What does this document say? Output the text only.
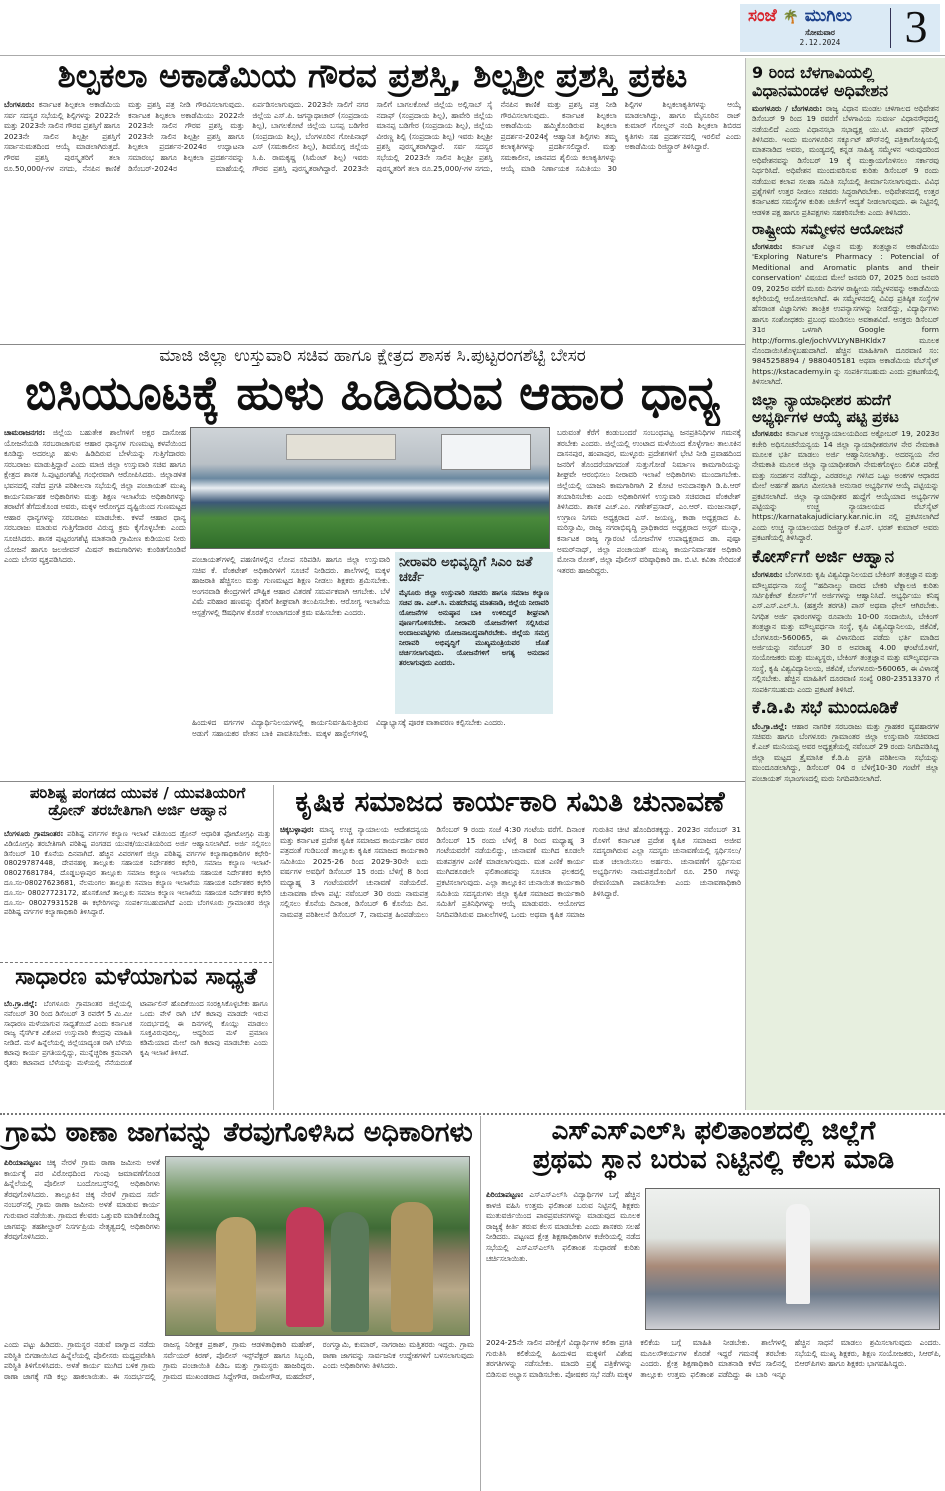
ಸಂಜೆ 🌴 ಮುಗಿಲು
ಸೋಮವಾರ
2.12.2024	3
ಶಿಲ್ಪಕಲಾ ಅಕಾಡೆಮಿಯ ಗೌರವ ಪ್ರಶಸ್ತಿ, ಶಿಲ್ಪಶ್ರೀ ಪ್ರಶಸ್ತಿ ಪ್ರಕಟ
ಬೆಂಗಳೂರು: ಕರ್ನಾಟಕ ಶಿಲ್ಪಕಲಾ ಅಕಾಡೆಮಿಯ ಸರ್ವ ಸದಸ್ಯರ ಸಭೆಯಲ್ಲಿ ಶಿಲ್ಪಿಗಳನ್ನು 2022ನೇ ಮತ್ತು 2023ನೇ ಸಾಲಿನ ಗೌರವ ಪ್ರಶಸ್ತಿಗೆ ಹಾಗೂ 2023ನೇ ಸಾಲಿನ ಶಿಲ್ಪಶ್ರೀ ಪ್ರಶಸ್ತಿಗೆ ಸರ್ವಾನುಮತದಿಂದ ಆಯ್ಕೆ ಮಾಡಲಾಗಿರುತ್ತದೆ. ಗೌರವ ಪ್ರಶಸ್ತಿ ಪುರಸ್ಕೃತರಿಗೆ ತಲಾ ರೂ.50,000/-ಗಳ ನಗದು, ನೆನಪಿನ ಕಾಣಿಕೆ ಮತ್ತು ಪ್ರಶಸ್ತಿ ಪತ್ರ ನೀಡಿ ಗೌರವಿಸಲಾಗುವುದು. ಕರ್ನಾಟಕ ಶಿಲ್ಪಕಲಾ ಅಕಾಡೆಮಿಯು 2022ನೇ 2023ನೇ ಸಾಲಿನ ಗೌರವ ಪ್ರಶಸ್ತಿ ಮತ್ತು 2023ನೇ ಸಾಲಿನ ಶಿಲ್ಪಶ್ರೀ ಪ್ರಶಸ್ತಿ ಹಾಗೂ ಶಿಲ್ಪಕಲಾ ಪ್ರದರ್ಶನ-2024ರ ಉದ್ಘಾಟನಾ ಸಮಾರಂಭ ಹಾಗೂ ಶಿಲ್ಪಕಲಾ ಪ್ರದರ್ಶನವನ್ನು ಡಿಸೆಂಬರ್-2024ರ ಮಾಹೆಯಲ್ಲಿ ಏರ್ಪಡಿಸಲಾಗುವುದು. 2023ನೇ ಸಾಲಿಗೆ ನಗರ ಜಿಲ್ಲೆಯ ಎಸ್.ಪಿ. ಜಗನ್ನಾಥಾಚಾರ್ (ಸಂಪ್ರದಾಯ ಶಿಲ್ಪ), ಬಾಗಲಕೋಟೆ ಜಿಲ್ಲೆಯ ಬಸಪ್ಪ ಬಡಿಗೇರ (ಸಂಪ್ರದಾಯ ಶಿಲ್ಪ), ಬೆಂಗಳೂರಿನ ಗೋಪಿನಾಥ್ ಎಸ್ (ಸಮಕಾಲೀನ ಶಿಲ್ಪ), ಶಿವಮೊಗ್ಗ ಜಿಲ್ಲೆಯ ಸಿ.ಪಿ. ರಾಮಕೃಷ್ಣ (ಸಿಮೆಂಟ್ ಶಿಲ್ಪ) ಇವರು ಗೌರವ ಪ್ರಶಸ್ತಿ ಪುರಸ್ಕೃತರಾಗಿದ್ದಾರೆ. 2023ನೇ ಸಾಲಿಗೆ ಬಾಗಲಕೋಟೆ ಜಿಲ್ಲೆಯ ಅಲ್ಲಿಸಾಬ್ ಸೈ ನದಾಫ್ (ಸಂಪ್ರದಾಯ ಶಿಲ್ಪ), ಹಾವೇರಿ ಜಿಲ್ಲೆಯ ಮಾನಪ್ಪ ಬಡಿಗೇರ (ಸಂಪ್ರದಾಯ ಶಿಲ್ಪ), ಜಿಲ್ಲೆಯ ವೀರಣ್ಣ ಶಿಲ್ಪಿ (ಸಂಪ್ರದಾಯ ಶಿಲ್ಪ) ಇವರು ಶಿಲ್ಪಶ್ರೀ ಪ್ರಶಸ್ತಿ ಪುರಸ್ಕೃತರಾಗಿದ್ದಾರೆ. ಸರ್ವ ಸದಸ್ಯರ ಸಭೆಯಲ್ಲಿ 2023ನೇ ಸಾಲಿನ ಶಿಲ್ಪಶ್ರೀ ಪ್ರಶಸ್ತಿ ಪುರಸ್ಕೃತರಿಗೆ ತಲಾ ರೂ.25,000/-ಗಳ ನಗದು, ನೆನಪಿನ ಕಾಣಿಕೆ ಮತ್ತು ಪ್ರಶಸ್ತಿ ಪತ್ರ ನೀಡಿ ಗೌರವಿಸಲಾಗುವುದು. ಕರ್ನಾಟಕ ಶಿಲ್ಪಕಲಾ ಅಕಾಡೆಮಿಯ ಹಮ್ಮಿಕೊಂಡಿರುವ ಶಿಲ್ಪಕಲಾ ಪ್ರದರ್ಶನ-2024ಕ್ಕೆ ಆಹ್ವಾನಿತ ಶಿಲ್ಪಿಗಳು ತಮ್ಮ ಕಲಾಕೃತಿಗಳನ್ನು ಪ್ರದರ್ಶಿಸಲಿದ್ದಾರೆ. ಮತ್ತು ಸಮಕಾಲೀನ, ಜಾನಪದ ಶೈಲಿಯ ಕಲಾಕೃತಿಗಳನ್ನು ಆಯ್ಕೆ ಮಾಡಿ ನಿರ್ಣಾಯಕ ಸಮಿತಿಯು 30 ಶಿಲ್ಪಿಗಳ ಶಿಲ್ಪಕಲಾಕೃತಿಗಳನ್ನು ಆಯ್ಕೆ ಮಾಡಲಾಗಿದ್ದು, ಹಾಗೂ ಮೈಸೂರಿನ ರಾಜ್ ಕುಮಾರ್ ಗೋಲ್ಡನ್ ನಂದಿ ಶಿಲ್ಪಕಲಾ ಶಿಬಿರದ ಕೃತಿಗಳು ಸಹ ಪ್ರದರ್ಶನದಲ್ಲಿ ಇರಲಿವೆ ಎಂದು ಅಕಾಡೆಮಿಯ ರಿಜಿಸ್ಟ್ರಾರ್ ತಿಳಿಸಿದ್ದಾರೆ.
ಮಾಜಿ ಜಿಲ್ಲಾ ಉಸ್ತುವಾರಿ ಸಚಿವ ಹಾಗೂ ಕ್ಷೇತ್ರದ ಶಾಸಕ ಸಿ.ಪುಟ್ಟರಂಗಶೆಟ್ಟಿ ಬೇಸರ
ಬಿಸಿಯೂಟಕ್ಕೆ ಹುಳು ಹಿಡಿದಿರುವ ಆಹಾರ ಧಾನ್ಯ
ಚಾಮರಾಜನಗರ: ಜಿಲ್ಲೆಯ ಬಹುತೇಕ ಶಾಲೆಗಳಿಗೆ ಅಕ್ಷರ ದಾಸೋಹ ಯೋಜನೆಯಡಿ ಸರಬರಾಜಾಗುವ ಆಹಾರ ಧಾನ್ಯಗಳ ಗುಣಮಟ್ಟ ಕಳಪೆಯಿಂದ ಕೂಡಿದ್ದು ಅದರಲ್ಲೂ ಹುಳು ಹಿಡಿದಿರುವ ಬೇಳೆಯನ್ನು ಗುತ್ತಿಗೆದಾರರು ಸರಬರಾಜು ಮಾಡುತ್ತಿದ್ದಾರೆ ಎಂದು ಮಾಜಿ ಜಿಲ್ಲಾ ಉಸ್ತುವಾರಿ ಸಚಿವ ಹಾಗೂ ಕ್ಷೇತ್ರದ ಶಾಸಕ ಸಿ.ಪುಟ್ಟರಂಗಶೆಟ್ಟಿ ಗಂಭೀರವಾಗಿ ಆರೋಪಿಸಿದರು. ಜಿಲ್ಲಾಡಳಿತ ಭವನದಲ್ಲಿ ನಡೆದ ಪ್ರಗತಿ ಪರಿಶೀಲನಾ ಸಭೆಯಲ್ಲಿ ಜಿಲ್ಲಾ ಪಂಚಾಯತ್ ಮುಖ್ಯ ಕಾರ್ಯನಿರ್ವಾಹಕ ಅಧಿಕಾರಿಗಳು ಮತ್ತು ಶಿಕ್ಷಣ ಇಲಾಖೆಯ ಅಧಿಕಾರಿಗಳನ್ನು ತರಾಟೆಗೆ ತೆಗೆದುಕೊಂಡ ಅವರು, ಮಕ್ಕಳ ಆರೋಗ್ಯದ ದೃಷ್ಟಿಯಿಂದ ಗುಣಮಟ್ಟದ ಆಹಾರ ಧಾನ್ಯಗಳನ್ನು ಸರಬರಾಜು ಮಾಡಬೇಕು. ಕಳಪೆ ಆಹಾರ ಧಾನ್ಯ ಸರಬರಾಜು ಮಾಡುವ ಗುತ್ತಿಗೆದಾರರ ವಿರುದ್ಧ ಕ್ರಮ ಕೈಗೊಳ್ಳಬೇಕು ಎಂದು ಸೂಚಿಸಿದರು. ಶಾಸಕ ಪುಟ್ಟರಂಗಶೆಟ್ಟಿ ಮಾತನಾಡಿ ಗ್ರಾಮೀಣ ಕುಡಿಯುವ ನೀರು ಯೋಜನೆ ಹಾಗೂ ಜಲಜೀವನ್ ಮಿಷನ್ ಕಾಮಗಾರಿಗಳು ಕುಂಠಿತಗೊಂಡಿವೆ ಎಂದು ಬೇಸರ ವ್ಯಕ್ತಪಡಿಸಿದರು.	ಪಂಚಾಯತ್‌ಗಳಲ್ಲಿ ಪಹಣಿಗಳಲ್ಲಿನ ಲೋಪ ಸರಿಪಡಿಸಿ ಹಾಗೂ ಜಿಲ್ಲಾ ಉಸ್ತುವಾರಿ ಸಚಿವ ಕೆ. ವೆಂಕಟೇಶ್ ಅಧಿಕಾರಿಗಳಿಗೆ ಸೂಚನೆ ನೀಡಿದರು. ಶಾಲೆಗಳಲ್ಲಿ ಮಕ್ಕಳ ಹಾಜರಾತಿ ಹೆಚ್ಚಿಸಲು ಮತ್ತು ಗುಣಮಟ್ಟದ ಶಿಕ್ಷಣ ನೀಡಲು ಶಿಕ್ಷಕರು ಶ್ರಮಿಸಬೇಕು. ಅಂಗನವಾಡಿ ಕೇಂದ್ರಗಳಿಗೆ ಪೌಷ್ಟಿಕ ಆಹಾರ ವಿತರಣೆ ಸಮರ್ಪಕವಾಗಿ ಆಗಬೇಕು. ಬೆಳೆ ವಿಮೆ ಪರಿಹಾರ ಹಣವನ್ನು ರೈತರಿಗೆ ಶೀಘ್ರವಾಗಿ ತಲುಪಿಸಬೇಕು. ಆರೋಗ್ಯ ಇಲಾಖೆಯ ಆಸ್ಪತ್ರೆಗಳಲ್ಲಿ ಔಷಧಿಗಳ ಕೊರತೆ ಉಂಟಾಗದಂತೆ ಕ್ರಮ ವಹಿಸಬೇಕು ಎಂದರು.
ನೀರಾವರಿ ಅಭಿವೃದ್ಧಿಗೆ ಸಿಎಂ ಜತೆ ಚರ್ಚೆ
ಮೈಸೂರು ಜಿಲ್ಲಾ ಉಸ್ತುವಾರಿ ಸಚಿವರು ಹಾಗೂ ಸಮಾಜ ಕಲ್ಯಾಣ ಸಚಿವ ಡಾ. ಎಚ್.ಸಿ. ಮಹದೇವಪ್ಪ ಮಾತನಾಡಿ, ಜಿಲ್ಲೆಯ ನೀರಾವರಿ ಯೋಜನೆಗಳ ಅನುಷ್ಠಾನ ಬಾಕಿ ಉಳಿದಿದ್ದರೆ ಶೀಘ್ರವಾಗಿ ಪೂರ್ಣಗೊಳಿಸಬೇಕು. ನೀರಾವರಿ ಯೋಜನೆಗಳಿಗೆ ಸಲ್ಲಿಸಿರುವ ಅಂದಾಜುಪಟ್ಟಿಗಳು ಯೋಜನಾಬದ್ಧವಾಗಿರಬೇಕು. ಜಿಲ್ಲೆಯ ಸಮಗ್ರ ನೀರಾವರಿ ಅಭಿವೃದ್ಧಿಗೆ ಮುಖ್ಯಮಂತ್ರಿಯವರ ಜೊತೆ ಚರ್ಚಿಸಲಾಗುವುದು. ಯೋಜನೆಗಳಿಗೆ ಅಗತ್ಯ ಅನುದಾನ ತರಲಾಗುವುದು ಎಂದರು.
ಹಿಂದುಳಿದ ವರ್ಗಗಳ ವಿದ್ಯಾರ್ಥಿನಿಲಯಗಳಲ್ಲಿ ಕಾರ್ಯನಿರ್ವಹಿಸುತ್ತಿರುವ ಅಡುಗೆ ಸಹಾಯಕರ ವೇತನ ಬಾಕಿ ಪಾವತಿಸಬೇಕು. ಮಕ್ಕಳ ಹಾಸ್ಟೆಲ್‌ಗಳಲ್ಲಿ ವಿದ್ಯಾಭ್ಯಾಸಕ್ಕೆ ಪೂರಕ ವಾತಾವರಣ ಕಲ್ಪಿಸಬೇಕು ಎಂದರು.
ಬರುವಂತೆ ಕೆರೆಗೆ ಕಂಡುಬಂದರೆ ಸಂಬಂಧಪಟ್ಟ ಜನಪ್ರತಿನಿಧಿಗಳ ಗಮನಕ್ಕೆ ತರಬೇಕು ಎಂದರು. ಜಿಲ್ಲೆಯಲ್ಲಿ ಉಂಟಾದ ಮಳೆಯಿಂದ ಕೊಳ್ಳೇಗಾಲ ತಾಲೂಕಿನ ದಾಸನಪುರ, ಹಂಪಾಪುರ, ಮುಳ್ಳೂರು ಪ್ರದೇಶಗಳಿಗೆ ಭೇಟಿ ನೀಡಿ ಪ್ರವಾಹದಿಂದ ಜನರಿಗೆ ತೊಂದರೆಯಾಗದಂತೆ ಸುತ್ತುಗೋಡೆ ನಿರ್ಮಾಣ ಕಾಮಗಾರಿಯನ್ನು ಶೀಘ್ರವೇ ಆರಂಭಿಸಲು ನೀರಾವರಿ ಇಲಾಖೆ ಅಧಿಕಾರಿಗಳು ಮುಂದಾಗಬೇಕು. ಜಿಲ್ಲೆಯಲ್ಲಿ ಯಾಜನಿ ಕಾಮಗಾರಿಗಾಗಿ 2 ಕೋಟಿ ಅನುದಾನಕ್ಕಾಗಿ ಡಿ.ಪಿ.ಆರ್ ತಯಾರಿಸಬೇಕು ಎಂದು ಅಧಿಕಾರಿಗಳಿಗೆ ಉಸ್ತುವಾರಿ ಸಚಿವರಾದ ವೆಂಕಟೇಶ್ ತಿಳಿಸಿದರು. ಶಾಸಕ ಎಚ್.ಎಂ. ಗಣೇಶ್‌ಪ್ರಸಾದ್, ಎಂ.ಆರ್. ಮಂಜುನಾಥ್, ಉಗ್ರಾಣ ನಿಗಮ ಅಧ್ಯಕ್ಷರಾದ ಎಸ್. ಜಯಣ್ಣ, ಕಾಡಾ ಅಧ್ಯಕ್ಷರಾದ ಪಿ. ಮರಿಸ್ವಾಮಿ, ರಾಜ್ಯ ನಗರಾಭಿವೃದ್ಧಿ ಪ್ರಾಧಿಕಾರದ ಅಧ್ಯಕ್ಷರಾದ ಅಸ್ಗರ್ ಮುನ್ನಾ, ಕರ್ನಾಟಕ ರಾಜ್ಯ ಗ್ಯಾರಂಟಿ ಯೋಜನೆಗಳ ಉಪಾಧ್ಯಕ್ಷರಾದ ಡಾ. ಪುಷ್ಪಾ ಅಮರ್‌ನಾಥ್, ಜಿಲ್ಲಾ ಪಂಚಾಯತ್ ಮುಖ್ಯ ಕಾರ್ಯನಿರ್ವಾಹಕ ಅಧಿಕಾರಿ ಮೋನಾ ರೋತ್, ಜಿಲ್ಲಾ ಪೊಲೀಸ್ ವರಿಷ್ಠಾಧಿಕಾರಿ ಡಾ. ಬಿ.ಟಿ. ಕವಿತಾ ಸೇರಿದಂತೆ ಇತರರು ಹಾಜರಿದ್ದರು.
ಪರಿಶಿಷ್ಟ ಪಂಗಡದ ಯುವಕ / ಯುವತಿಯರಿಗೆ
ಡ್ರೋನ್ ತರಬೇತಿಗಾಗಿ ಅರ್ಜಿ ಆಹ್ವಾನ
ಬೆಂಗಳೂರು ಗ್ರಾಮಾಂತರ: ಪರಿಶಿಷ್ಟ ವರ್ಗಗಳ ಕಲ್ಯಾಣ ಇಲಾಖೆ ವತಿಯಿಂದ ಡ್ರೋನ್ ಆಧಾರಿತ ಫೋಟೋಗ್ರಫಿ ಮತ್ತು ವಿಡಿಯೋಗ್ರಫಿ ತರಬೇತಿಗಾಗಿ ಪರಿಶಿಷ್ಟ ಪಂಗಡದ ಯುವಕ/ಯುವತಿಯರಿಂದ ಅರ್ಜಿ ಆಹ್ವಾನಿಸಲಾಗಿದೆ. ಅರ್ಜಿ ಸಲ್ಲಿಸಲು ಡಿಸೆಂಬರ್ 10 ಕೊನೆಯ ದಿನವಾಗಿದೆ. ಹೆಚ್ಚಿನ ವಿವರಗಳಿಗೆ ಜಿಲ್ಲಾ ಪರಿಶಿಷ್ಟ ವರ್ಗಗಳ ಕಲ್ಯಾಣಾಧಿಕಾರಿಗಳ ಕಛೇರಿ- 08029787448, ದೇವನಹಳ್ಳಿ ತಾಲ್ಲೂಕು ಸಹಾಯಕ ನಿರ್ದೇಶಕರ ಕಛೇರಿ, ಸಮಾಜ ಕಲ್ಯಾಣ ಇಲಾಖೆ- 08027681784, ದೊಡ್ಡಬಳ್ಳಾಪುರ ತಾಲ್ಲೂಕು ಸಮಾಜ ಕಲ್ಯಾಣ ಇಲಾಖೆಯ ಸಹಾಯಕ ನಿರ್ದೇಶಕರ ಕಛೇರಿ ದೂ.ಸಂ-08027623681, ನೆಲಮಂಗಲ ತಾಲ್ಲೂಕು ಸಮಾಜ ಕಲ್ಯಾಣ ಇಲಾಖೆಯ ಸಹಾಯಕ ನಿರ್ದೇಶಕರ ಕಛೇರಿ ದೂ.ಸಂ- 08027723172, ಹೊಸಕೋಟೆ ತಾಲ್ಲೂಕು ಸಮಾಜ ಕಲ್ಯಾಣ ಇಲಾಖೆಯ ಸಹಾಯಕ ನಿರ್ದೇಶಕರ ಕಛೇರಿ ದೂ.ಸಂ- 08027931528 ಈ ಕಛೇರಿಗಳನ್ನು ಸಂಪರ್ಕಿಸಬಹುದಾಗಿದೆ ಎಂದು ಬೆಂಗಳೂರು ಗ್ರಾಮಾಂತರ ಜಿಲ್ಲಾ ಪರಿಶಿಷ್ಟ ವರ್ಗಗಳ ಕಲ್ಯಾಣಾಧಿಕಾರಿ ತಿಳಿಸಿದ್ದಾರೆ.
ಸಾಧಾರಣ ಮಳೆಯಾಗುವ ಸಾಧ್ಯತೆ
ಬೆಂ.ಗ್ರಾ.ಜಿಲ್ಲೆ: ಬೆಂಗಳೂರು ಗ್ರಾಮಾಂತರ ಜಿಲ್ಲೆಯಲ್ಲಿ ನವೆಂಬರ್ 30 ರಿಂದ ಡಿಸೆಂಬರ್ 3 ರವರೆಗೆ 5 ಮಿ.ಮೀ ಸಾಧಾರಣ ಮಳೆಯಾಗುವ ಸಾಧ್ಯತೆಯಿದೆ ಎಂದು ಕರ್ನಾಟಕ ರಾಜ್ಯ ನೈಸರ್ಗಿಕ ವಿಕೋಪ ಉಸ್ತುವಾರಿ ಕೇಂದ್ರವು ಮಾಹಿತಿ ನೀಡಿದೆ. ಮಳೆ ಹಿನ್ನೆಲೆಯಲ್ಲಿ ಜಿಲ್ಲೆಯಾದ್ಯಂತ ರಾಗಿ ಬೆಳೆಯ ಕಟಾವು ಕಾರ್ಯ ಪ್ರಗತಿಯಲ್ಲಿದ್ದು, ಮುನ್ನೆಚ್ಚರಿಕಾ ಕ್ರಮವಾಗಿ ರೈತರು ಕಟಾವಾದ ಬೆಳೆಯನ್ನು ಮಳೆಯಲ್ಲಿ ನೆನೆಯದಂತೆ ಟಾರ್ಪಾಲಿನ್ ಹೊದಿಕೆಯಿಂದ ಸಂರಕ್ಷಿಸಿಕೊಳ್ಳಬೇಕು ಹಾಗೂ ಒಂದು ವೇಳೆ ರಾಗಿ ಬೆಳೆ ಕಟಾವು ಮಾಡದೇ ಇರುವ ಸಂದರ್ಭದಲ್ಲಿ ಈ ದಿನಗಳಲ್ಲಿ ಕೊಯ್ಲು ಮಾಡಲು ಸೂಕ್ತವಿರುವುದಿಲ್ಲ, ಆದ್ದರಿಂದ ಮಳೆ ಪ್ರಮಾಣ ಕಡಿಮೆಯಾದ ಮೇಲೆ ರಾಗಿ ಕಟಾವು ಮಾಡಬೇಕು ಎಂದು ಕೃಷಿ ಇಲಾಖೆ ತಿಳಿಸಿದೆ.
ಕೃಷಿಕ ಸಮಾಜದ ಕಾರ್ಯಕಾರಿ ಸಮಿತಿ ಚುನಾವಣೆ
ಚಿಕ್ಕಬಳ್ಳಾಪುರ: ಮಾನ್ಯ ಉಚ್ಚ ನ್ಯಾಯಾಲಯ ಆದೇಶದನ್ವಯ ಮತ್ತು ಕರ್ನಾಟಕ ಪ್ರದೇಶ ಕೃಷಿಕ ಸಮಾಜದ ಕಾರ್ಯದರ್ಶಿ ರವರ ಪತ್ರದಂತೆ ಗುಡಿಬಂಡೆ ತಾಲ್ಲೂಕು ಕೃಷಿಕ ಸಮಾಜದ ಕಾರ್ಯಕಾರಿ ಸಮಿತಿಯು 2025-26 ರಿಂದ 2029-30ನೇ ಐದು ವರ್ಷಗಳ ಅವಧಿಗೆ ಡಿಸೆಂಬರ್ 15 ರಂದು ಬೆಳಿಗ್ಗೆ 8 ರಿಂದ ಮಧ್ಯಾಹ್ನ 3 ಗಂಟೆಯವರೆಗೆ ಚುನಾವಣೆ ನಡೆಯಲಿದೆ. ಚುನಾವಣಾ ವೇಳಾ ಪಟ್ಟಿ: ನವೆಂಬರ್ 30 ರಂದು ನಾಮಪತ್ರ ಸಲ್ಲಿಸಲು ಕೊನೆಯ ದಿನಾಂಕ, ಡಿಸೆಂಬರ್ 6 ಕೊನೆಯ ದಿನ. ನಾಮಪತ್ರ ಪರಿಶೀಲನೆ ಡಿಸೆಂಬರ್ 7, ನಾಮಪತ್ರ ಹಿಂಪಡೆಯಲು ಡಿಸೆಂಬರ್ 9 ರಂದು ಸಂಜೆ 4:30 ಗಂಟೆಯ ವರೆಗೆ. ದಿನಾಂಕ ಡಿಸೆಂಬರ್ 15 ರಂದು ಬೆಳಿಗ್ಗೆ 8 ರಿಂದ ಮಧ್ಯಾಹ್ನ 3 ಗಂಟೆಯವರೆಗೆ ನಡೆಯಲಿದ್ದು, ಚುನಾವಣೆ ಮುಗಿದ ಕೂಡಲೇ ಮತಪತ್ರಗಳ ಎಣಿಕೆ ಮಾಡಲಾಗುವುದು. ಮತ ಎಣಿಕೆ ಕಾರ್ಯ ಮುಗಿದಕೂಡಲೇ ಫಲಿತಾಂಶವನ್ನು ಸೂಚನಾ ಫಲಕದಲ್ಲಿ ಪ್ರಕಟಿಸಲಾಗುವುದು. ಎಲ್ಲಾ ತಾಲ್ಲೂಕಿನ ಚುನಾಯಿತ ಕಾರ್ಯಕಾರಿ ಸಮಿತಿಯ ಸದಸ್ಯರುಗಳು ಜಿಲ್ಲಾ ಕೃಷಿಕ ಸಮಾಜದ ಕಾರ್ಯಕಾರಿ ಸಮಿತಿಗೆ ಪ್ರತಿನಿಧಿಗಳನ್ನು ಆಯ್ಕೆ ಮಾಡುವರು. ಆಯೋಗದ ನಿಗದಿಪಡಿಸಿರುವ ದಾಖಲೆಗಳಲ್ಲಿ ಒಂದು ಅಥವಾ ಕೃಷಿಕ ಸಮಾಜ ಗುರುತಿನ ಚೀಟಿ ಹೊಂದಿರತಕ್ಕದ್ದು. 2023ರ ನವೆಂಬರ್ 31 ರೊಳಗೆ ಕರ್ನಾಟಕ ಪ್ರದೇಶ ಕೃಷಿಕ ಸಮಾಜದ ಅಜೀವ ಸದಸ್ಯರಾಗಿರುವ ಎಲ್ಲಾ ಸದಸ್ಯರು ಚುನಾವಣೆಯಲ್ಲಿ ಸ್ಪರ್ಧಿಸಲು/ ಮತ ಚಲಾಯಿಸಲು ಅರ್ಹರು. ಚುನಾವಣೆಗೆ ಸ್ಪರ್ಧಿಸುವ ಅಭ್ಯರ್ಥಿಗಳು ನಾಮಪತ್ರದೊಂದಿಗೆ ರೂ. 250 ಗಳನ್ನು ಠೇವಣಿಯಾಗಿ ಪಾವತಿಸಬೇಕು ಎಂದು ಚುನಾವಣಾಧಿಕಾರಿ ತಿಳಿಸಿದ್ದಾರೆ.
9 ರಿಂದ ಬೆಳಗಾವಿಯಲ್ಲಿ ವಿಧಾನಮಂಡಳ ಅಧಿವೇಶನ

ಮಂಗಳೂರು / ಬೆಂಗಳೂರು: ರಾಜ್ಯ ವಿಧಾನ ಮಂಡಲ ಚಳಿಗಾಲದ ಅಧಿವೇಶನ ಡಿಸೆಂಬರ್ 9 ರಿಂದ 19 ರವರೆಗೆ ಬೆಳಗಾವಿಯ ಸುವರ್ಣ ವಿಧಾನಸೌಧದಲ್ಲಿ ನಡೆಯಲಿದೆ ಎಂದು ವಿಧಾನಸಭಾ ಸಭಾಧ್ಯಕ್ಷ ಯು.ಟಿ. ಖಾದರ್ ಫರೀದ್ ತಿಳಿಸಿದರು. ಇಂದು ಮಂಗಳೂರಿನ ಸರ್ಕ್ಯೂಟ್ ಹೌಸ್‌ನಲ್ಲಿ ಪತ್ರಿಕಾಗೋಷ್ಠಿಯಲ್ಲಿ ಮಾತನಾಡಿದ ಅವರು, ಮಂಡ್ಯದಲ್ಲಿ ಕನ್ನಡ ಸಾಹಿತ್ಯ ಸಮ್ಮೇಳನ ಇರುವುದರಿಂದ ಅಧಿವೇಶನವನ್ನು ಡಿಸೆಂಬರ್ 19 ಕ್ಕೆ ಮುಕ್ತಾಯಗೊಳಿಸಲು ಸರ್ಕಾರವು ನಿರ್ಧರಿಸಿದೆ. ಅಧಿವೇಶನ ಮುಂದುವರಿಸುವ ಕುರಿತು ಡಿಸೆಂಬರ್ 9 ರಂದು ನಡೆಯುವ ಕಲಾಪ ಸಲಹಾ ಸಮಿತಿ ಸಭೆಯಲ್ಲಿ ತೀರ್ಮಾನಿಸಲಾಗುವುದು. ವಿವಿಧ ಪ್ರಶ್ನೆಗಳಿಗೆ ಉತ್ತರ ನೀಡಲು ಸಚಿವರು ಸಿದ್ಧರಾಗಿರಬೇಕು. ಅಧಿವೇಶನದಲ್ಲಿ ಉತ್ತರ ಕರ್ನಾಟಕದ ಸಮಸ್ಯೆಗಳ ಕುರಿತು ಚರ್ಚೆಗೆ ಆದ್ಯತೆ ನೀಡಲಾಗುವುದು. ಈ ನಿಟ್ಟಿನಲ್ಲಿ ಆಡಳಿತ ಪಕ್ಷ ಹಾಗೂ ಪ್ರತಿಪಕ್ಷಗಳು ಸಹಕರಿಸಬೇಕು ಎಂದು ತಿಳಿಸಿದರು.

ರಾಷ್ಟ್ರೀಯ ಸಮ್ಮೇಳನ ಆಯೋಜನೆ

ಬೆಂಗಳೂರು: ಕರ್ನಾಟಕ ವಿಜ್ಞಾನ ಮತ್ತು ತಂತ್ರಜ್ಞಾನ ಅಕಾಡೆಮಿಯು 'Exploring Nature's Pharmacy : Potencial of Meditional and Aromatic plants and their conservation' ವಿಷಯದ ಮೇಲೆ ಜನವರಿ 07, 2025 ರಿಂದ ಜನವರಿ 09, 2025ರ ವರೆಗೆ ಮೂರು ದಿನಗಳ ರಾಷ್ಟ್ರೀಯ ಸಮ್ಮೇಳನವನ್ನು ಅಕಾಡೆಮಿಯ ಕಛೇರಿಯಲ್ಲಿ ಆಯೋಜಿಸಲಾಗಿದೆ. ಈ ಸಮ್ಮೇಳನದಲ್ಲಿ ವಿವಿಧ ಪ್ರತಿಷ್ಠಿತ ಸಂಸ್ಥೆಗಳ ಹೆಸರಾಂತ ವಿಜ್ಞಾನಿಗಳು ತಾಂತ್ರಿಕ ಉಪನ್ಯಾಸಗಳನ್ನು ನೀಡಲಿದ್ದು, ವಿದ್ಯಾರ್ಥಿಗಳು ಹಾಗೂ ಸಂಶೋಧಕರು ಪ್ರಬಂಧ ಮಂಡಿಸಲು ಅವಕಾಶವಿದೆ. ಆಸಕ್ತರು ಡಿಸೆಂಬರ್ 31ರ ಒಳಗಾಗಿ Google form http://forms.gle/jochVVLYyNBHKldx7 ಮೂಲಕ ನೊಂದಾಯಿಸಿಕೊಳ್ಳಬಹುದಾಗಿದೆ. ಹೆಚ್ಚಿನ ಮಾಹಿತಿಗಾಗಿ ದೂರವಾಣಿ ಸಂ: 9845258894 / 9880405181 ಅಥವಾ ಅಕಾಡೆಮಿಯ ವೆಬ್‌ಸೈಟ್ https://kstacademy.in ನ್ನು ಸಂಪರ್ಕಿಸಬಹುದು ಎಂದು ಪ್ರಕಟಣೆಯಲ್ಲಿ ತಿಳಿಸಲಾಗಿದೆ.

ಜಿಲ್ಲಾ ನ್ಯಾಯಾಧೀಶರ ಹುದೆಗೆ ಅಭ್ಯರ್ಥಿಗಳ ಆಯ್ಕೆ ಪಟ್ಟಿ ಪ್ರಕಟ

ಬೆಂಗಳೂರು: ಕರ್ನಾಟಕ ಉಚ್ಚನ್ಯಾಯಾಲಯದಿಂದ ಅಕ್ಟೋಬರ್ 19, 2023ರ ಕಚೇರಿ ಅಧಿಸೂಚನೆಯನ್ವಯ 14 ಜಿಲ್ಲಾ ನ್ಯಾಯಾಧೀಶರುಗಳ ನೇರ ನೇಮಕಾತಿ ಮೂಲಕ ಭರ್ತಿ ಮಾಡಲು ಅರ್ಜಿ ಆಹ್ವಾನಿಸಲಾಗಿತ್ತು. ಅದರನ್ವಯ ನೇರ ನೇಮಕಾತಿ ಮೂಲಕ ಜಿಲ್ಲಾ ನ್ಯಾಯಾಧೀಶರಾಗಿ ನೇಮಕಗೊಳ್ಳಲು ಲಿಖಿತ ಪರೀಕ್ಷೆ ಮತ್ತು ಸಂದರ್ಶನ ನಡೆಸಿದ್ದು, ಎರಡರಲ್ಲೂ ಗಳಿಸಿದ ಒಟ್ಟು ಅಂಕಗಳ ಆಧಾರದ ಮೇಲೆ ಅರ್ಹತೆ ಹಾಗೂ ಮೀಸಲಾತಿ ಅನುಸಾರ ಅಭ್ಯರ್ಥಿಗಳ ಆಯ್ಕೆ ಪಟ್ಟಿಯನ್ನು ಪ್ರಕಟಿಸಲಾಗಿದೆ. ಜಿಲ್ಲಾ ನ್ಯಾಯಾಧೀಶರ ಹುದ್ದೆಗೆ ಆಯ್ಕೆಯಾದ ಅಭ್ಯರ್ಥಿಗಳ ಪಟ್ಟಿಯನ್ನು ಉಚ್ಚ ನ್ಯಾಯಾಲಯದ ವೆಬ್‌ಸೈಟ್ https://karnatakajudiciary.kar.nic.in ನಲ್ಲಿ ಪ್ರಕಟಿಸಲಾಗಿದೆ ಎಂದು ಉಚ್ಚ ನ್ಯಾಯಾಲಯದ ರಿಜಿಸ್ಟ್ರಾರ್ ಕೆ.ಎಸ್. ಭರತ್ ಕುಮಾರ್ ಅವರು ಪ್ರಕಟಣೆಯಲ್ಲಿ ತಿಳಿಸಿದ್ದಾರೆ.

ಕೋರ್ಸ್‌ಗೆ ಅರ್ಜಿ ಆಹ್ವಾನ

ಬೆಂಗಳೂರು: ಬೆಂಗಳೂರು ಕೃಷಿ ವಿಶ್ವವಿದ್ಯಾನಿಲಯದ ಬೇಕಿಂಗ್ ತಂತ್ರಜ್ಞಾನ ಮತ್ತು ಮೌಲ್ಯವರ್ಧನಾ ಸಂಸ್ಥೆ ''ಹದಿನಾಲ್ಕು ವಾರದ ಬೇಕರಿ ಟೆಕ್ನಾಲಜಿ ಕುರಿತು ಸರ್ಟಿಫಿಕೇಟ್ ಕೋರ್ಸ್''ಗೆ ಅರ್ಜಿಗಳನ್ನು ಆಹ್ವಾನಿಸಿದೆ. ಅಭ್ಯರ್ಥಿಯು ಕನಿಷ್ಠ ಎಸ್.ಎಸ್.ಎಲ್.ಸಿ. (ಹತ್ತನೇ ತರಗತಿ) ಪಾಸ್ ಅಥವಾ ಫೇಲ್ ಆಗಿರಬೇಕು. ನಿಗಧಿತ ಅರ್ಜಿ ಫಾರಂಗಳನ್ನು ರೂಪಾಯಿ 10-00 ಸಂದಾಯಿಸಿ, ಬೇಕಿಂಗ್ ತಂತ್ರಜ್ಞಾನ ಮತ್ತು ಮೌಲ್ಯವರ್ಧನಾ ಸಂಸ್ಥೆ, ಕೃಷಿ ವಿಶ್ವವಿದ್ಯಾನಿಲಯ, ಜಿಕೆವಿಕೆ, ಬೆಂಗಳೂರು-560065, ಈ ವಿಳಾಸದಿಂದ ಪಡೆದು ಭರ್ತಿ ಮಾಡಿದ ಅರ್ಜಿಯನ್ನು ನವೆಂಬರ್ 30 ರ ಅಪರಾಹ್ನ 4.00 ಘಂಟೆಯೊಳಗೆ, ಸಂಯೋಜಕರು ಮತ್ತು ಮುಖ್ಯಸ್ಥರು, ಬೇಕಿಂಗ್ ತಂತ್ರಜ್ಞಾನ ಮತ್ತು ಮೌಲ್ಯವರ್ಧನಾ ಸಂಸ್ಥೆ, ಕೃಷಿ ವಿಶ್ವವಿದ್ಯಾನಿಲಯ, ಜಿಕೆವಿಕೆ, ಬೆಂಗಳೂರು-560065, ಈ ವಿಳಾಸಕ್ಕೆ ಸಲ್ಲಿಸಬೇಕು. ಹೆಚ್ಚಿನ ಮಾಹಿತಿಗೆ ದೂರವಾಣಿ ಸಂಖ್ಯೆ 080-23513370 ಗೆ ಸಂಪರ್ಕಿಸಬಹುದು ಎಂದು ಪ್ರಕಟಣೆ ತಿಳಿಸಿದೆ.

ಕೆ.ಡಿ.ಪಿ ಸಭೆ ಮುಂದೂಡಿಕೆ

ಬೆಂ.ಗ್ರಾ.ಜಿಲ್ಲೆ: ಆಹಾರ ನಾಗರಿಕ ಸರಬರಾಜು ಮತ್ತು ಗ್ರಾಹಕರ ವ್ಯವಹಾರಗಳ ಸಚಿವರು ಹಾಗೂ ಬೆಂಗಳೂರು ಗ್ರಾಮಾಂತರ ಜಿಲ್ಲಾ ಉಸ್ತುವಾರಿ ಸಚಿವರಾದ ಕೆ.ಎಚ್ ಮುನಿಯಪ್ಪ ಅವರ ಅಧ್ಯಕ್ಷತೆಯಲ್ಲಿ ನವೆಂಬರ್ 29 ರಂದು ನಿಗದಿಪಡಿಸಿದ್ದ ಜಿಲ್ಲಾ ಮಟ್ಟದ ತ್ರೈಮಾಸಿಕ ಕೆ.ಡಿ.ಪಿ ಪ್ರಗತಿ ಪರಿಶೀಲನಾ ಸಭೆಯನ್ನು ಮುಂದೂಡಲಾಗಿದ್ದು, ಡಿಸೆಂಬರ್ 04 ರ ಬೆಳಿಗ್ಗೆ10-30 ಗಂಟೆಗೆ ಜಿಲ್ಲಾ ಪಂಚಾಯತ್ ಸಭಾಂಗಣದಲ್ಲಿ ಮರು ನಿಗದಿಪಡಿಸಲಾಗಿದೆ.

ಗ್ರಾಮ ಠಾಣಾ ಜಾಗವನ್ನು ತೆರವುಗೊಳಿಸಿದ ಅಧಿಕಾರಿಗಳು
ಪಿರಿಯಾಪಟ್ಟಣ: ಚಿಕ್ಕ ನೇರಳೆ ಗ್ರಾಮ ಠಾಣಾ ಜಮೀನು ಅಳತೆ ಕಾರ್ಯಕ್ಕೆ ಪರ ವಿರೋಧದಿಂದ ಗುಂಪು ಜಮಾವಣೆಗೊಂಡ ಹಿನ್ನೆಲೆಯಲ್ಲಿ ಪೊಲೀಸ್ ಬಂದೋಬಸ್ತ್‌ನಲ್ಲಿ ಅಧಿಕಾರಿಗಳು ತೆರವುಗೊಳಿಸಿದರು. ತಾಲ್ಲೂಕಿನ ಚಿಕ್ಕ ನೇರಳೆ ಗ್ರಾಮದ ಸರ್ವೆ ನಂಬರ್‌ನಲ್ಲಿ ಗ್ರಾಮ ಠಾಣಾ ಜಮೀನು ಅಳತೆ ಮಾಡುವ ಕಾರ್ಯ ಗುರುವಾರ ನಡೆಯಿತು. ಗ್ರಾಮದ ಕೆಲವರು ಒತ್ತುವರಿ ಮಾಡಿಕೊಂಡಿದ್ದ ಜಾಗವನ್ನು ತಹಶೀಲ್ದಾರ್ ನಿಸರ್ಗಪ್ರಿಯ ನೇತೃತ್ವದಲ್ಲಿ ಅಧಿಕಾರಿಗಳು ತೆರವುಗೊಳಿಸಿದರು.
ಎಂದು ಪಟ್ಟು ಹಿಡಿದರು. ಗ್ರಾಮಸ್ಥರ ನಡುವೆ ವಾಗ್ವಾದ ನಡೆದು ಪರಿಸ್ಥಿತಿ ಬಿಗಡಾಯಿಸಿದ ಹಿನ್ನೆಲೆಯಲ್ಲಿ ಪೊಲೀಸರು ಮಧ್ಯಪ್ರವೇಶಿಸಿ ಪರಿಸ್ಥಿತಿ ತಿಳಿಗೊಳಿಸಿದರು. ಅಳತೆ ಕಾರ್ಯ ಮುಗಿದ ಬಳಿಕ ಗ್ರಾಮ ಠಾಣಾ ಜಾಗಕ್ಕೆ ಗಡಿ ಕಲ್ಲು ಹಾಕಲಾಯಿತು. ಈ ಸಂದರ್ಭದಲ್ಲಿ ರಾಜಸ್ವ ನಿರೀಕ್ಷಕ ಪ್ರಕಾಶ್, ಗ್ರಾಮ ಆಡಳಿತಾಧಿಕಾರಿ ಮಹೇಶ್, ಸರ್ವೆಯರ್ ಕಿರಣ್, ಪೊಲೀಸ್ ಇನ್ಸ್‌ಪೆಕ್ಟರ್ ಹಾಗೂ ಸಿಬ್ಬಂದಿ, ಗ್ರಾಮ ಪಂಚಾಯಿತಿ ಪಿಡಿಒ ಮತ್ತು ಗ್ರಾಮಸ್ಥರು ಹಾಜರಿದ್ದರು. ಗ್ರಾಮದ ಮುಖಂಡರಾದ ಸಿದ್ದೇಗೌಡ, ರಾಮೇಗೌಡ, ಮಹದೇವ್, ರಂಗಸ್ವಾಮಿ, ಕುಮಾರ್, ನಾಗರಾಜು ಮತ್ತಿತರರು ಇದ್ದರು. ಗ್ರಾಮ ಠಾಣಾ ಜಾಗವನ್ನು ಸಾರ್ವಜನಿಕ ಉದ್ದೇಶಗಳಿಗೆ ಬಳಸಲಾಗುವುದು ಎಂದು ಅಧಿಕಾರಿಗಳು ತಿಳಿಸಿದರು.
ಎಸ್‌ಎಸ್‌ಎಲ್‌ಸಿ ಫಲಿತಾಂಶದಲ್ಲಿ ಜಿಲ್ಲೆಗೆ
ಪ್ರಥಮ ಸ್ಥಾನ ಬರುವ ನಿಟ್ಟಿನಲ್ಲಿ ಕೆಲಸ ಮಾಡಿ
ಪಿರಿಯಾಪಟ್ಟಣ: ಎಸ್‌ಎಸ್‌ಎಲ್‌ಸಿ ವಿದ್ಯಾರ್ಥಿಗಳ ಬಗ್ಗೆ ಹೆಚ್ಚಿನ ಕಾಳಜಿ ವಹಿಸಿ ಉತ್ತಮ ಫಲಿತಾಂಶ ಬರುವ ನಿಟ್ಟಿನಲ್ಲಿ ಶಿಕ್ಷಕರು ಮುತುವರ್ಜಿಯಿಂದ ಪಾಠಪ್ರವಚನಗಳನ್ನು ಮಾಡುವುದ ಮೂಲಕ ರಾಜ್ಯಕ್ಕೆ ಕೀರ್ತಿ ತರುವ ಕೆಲಸ ಮಾಡಬೇಕು ಎಂದು ಶಾಸಕರು ಸಲಹೆ ನೀಡಿದರು. ಪಟ್ಟಣದ ಕ್ಷೇತ್ರ ಶಿಕ್ಷಣಾಧಿಕಾರಿಗಳ ಕಚೇರಿಯಲ್ಲಿ ನಡೆದ ಸಭೆಯಲ್ಲಿ ಎಸ್‌ಎಸ್‌ಎಲ್‌ಸಿ ಫಲಿತಾಂಶ ಸುಧಾರಣೆ ಕುರಿತು ಚರ್ಚಿಸಲಾಯಿತು.
2024-25ನೇ ಸಾಲಿನ ಪರೀಕ್ಷೆಗೆ ವಿದ್ಯಾರ್ಥಿಗಳ ಕಲಿಕಾ ಪ್ರಗತಿ ಗುರುತಿಸಿ ಕಲಿಕೆಯಲ್ಲಿ ಹಿಂದುಳಿದ ಮಕ್ಕಳಿಗೆ ವಿಶೇಷ ತರಗತಿಗಳನ್ನು ನಡೆಸಬೇಕು. ಮಾದರಿ ಪ್ರಶ್ನೆ ಪತ್ರಿಕೆಗಳನ್ನು ಬಿಡಿಸುವ ಅಭ್ಯಾಸ ಮಾಡಿಸಬೇಕು. ಪೋಷಕರ ಸಭೆ ನಡೆಸಿ ಮಕ್ಕಳ ಕಲಿಕೆಯ ಬಗ್ಗೆ ಮಾಹಿತಿ ನೀಡಬೇಕು. ಶಾಲೆಗಳಲ್ಲಿ ಮೂಲಸೌಕರ್ಯಗಳ ಕೊರತೆ ಇದ್ದರೆ ಗಮನಕ್ಕೆ ತರಬೇಕು ಎಂದರು. ಕ್ಷೇತ್ರ ಶಿಕ್ಷಣಾಧಿಕಾರಿ ಮಾತನಾಡಿ ಕಳೆದ ಸಾಲಿನಲ್ಲಿ ತಾಲ್ಲೂಕು ಉತ್ತಮ ಫಲಿತಾಂಶ ಪಡೆದಿದ್ದು ಈ ಬಾರಿ ಇನ್ನೂ ಹೆಚ್ಚಿನ ಸಾಧನೆ ಮಾಡಲು ಶ್ರಮಿಸಲಾಗುವುದು ಎಂದರು. ಸಭೆಯಲ್ಲಿ ಮುಖ್ಯ ಶಿಕ್ಷಕರು, ಶಿಕ್ಷಣ ಸಂಯೋಜಕರು, ಸಿಆರ್‌ಪಿ, ಬಿಆರ್‌ಪಿಗಳು ಹಾಗೂ ಶಿಕ್ಷಕರು ಭಾಗವಹಿಸಿದ್ದರು.
